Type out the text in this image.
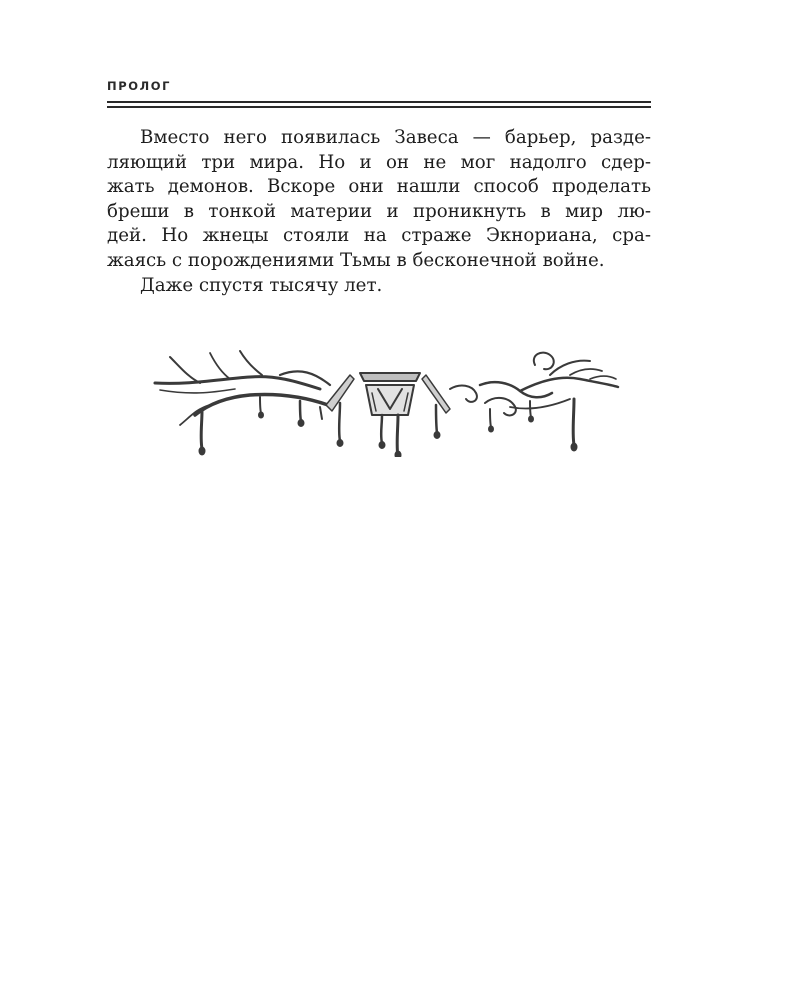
ПРОЛОГ
Вместо него появилась Завеса — барьер, разде-
ляющий три мира. Но и он не мог надолго сдер-
жать демонов. Вскоре они нашли способ проделать
бреши в тонкой материи и проникнуть в мир лю-
дей. Но жнецы стояли на страже Экнориана, сра-
жаясь с порождениями Тьмы в бесконечной войне.
Даже спустя тысячу лет.
